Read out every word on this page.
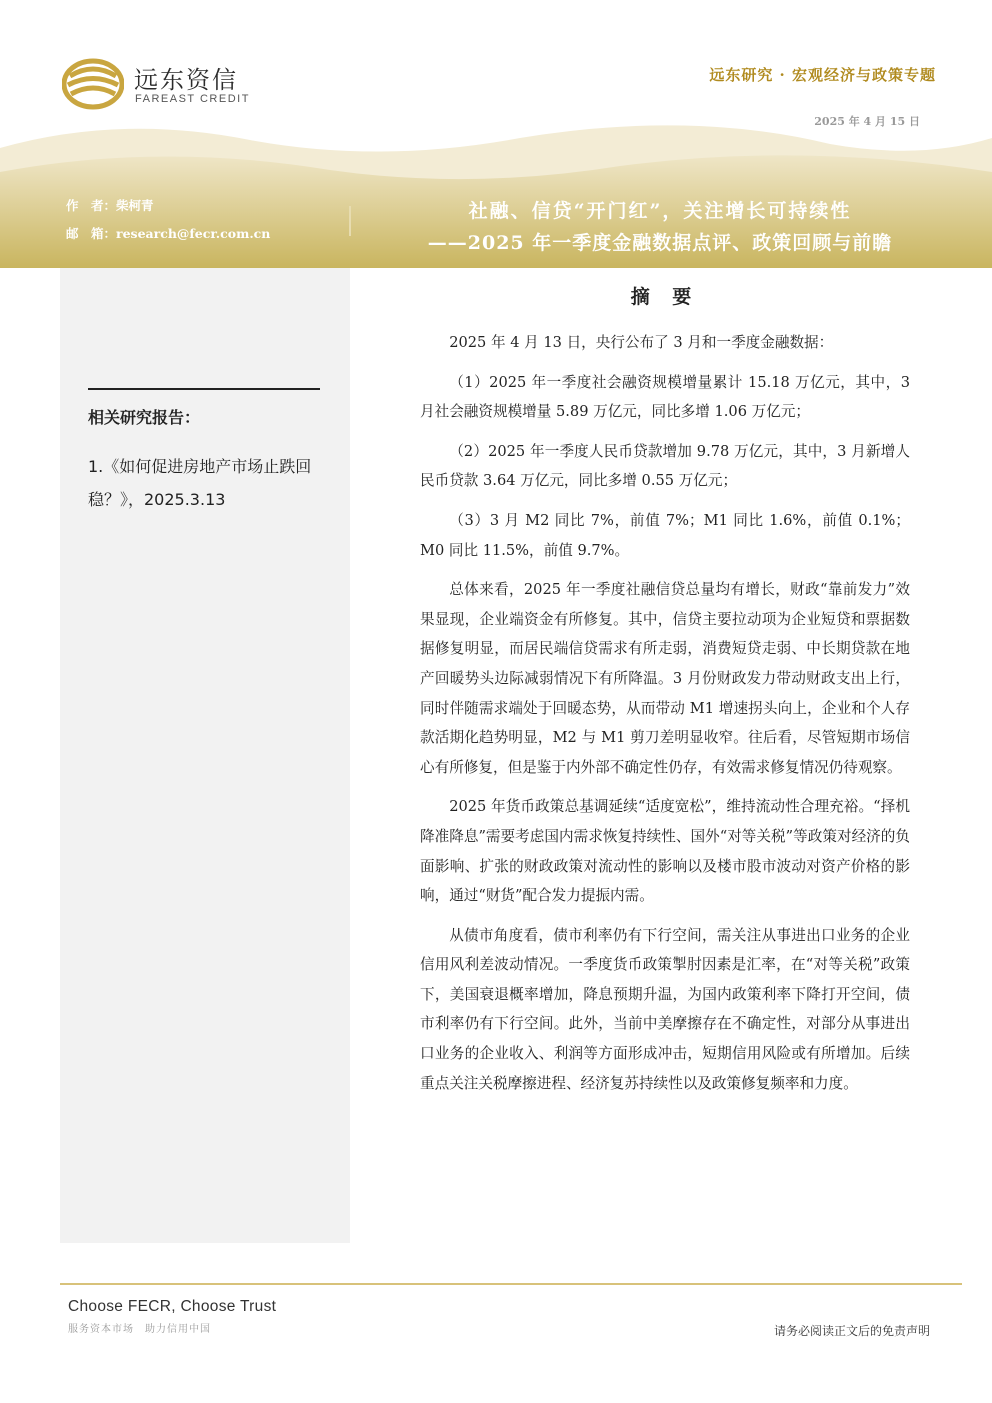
远东资信
FAREAST CREDIT
远东研究 · 宏观经济与政策专题
2025 年 4 月 15 日
作　者：柴柯青
邮　箱：research@fecr.com.cn
社融、信贷“开门红”，关注增长可持续性
——2025 年一季度金融数据点评、政策回顾与前瞻
相关研究报告：
1.《如何促进房地产市场止跌回稳？》，2025.3.13
摘 要

2025 年 4 月 13 日，央行公布了 3 月和一季度金融数据：

（1）2025 年一季度社会融资规模增量累计 15.18 万亿元，其中，3 月社会融资规模增量 5.89 万亿元，同比多增 1.06 万亿元；

（2）2025 年一季度人民币贷款增加 9.78 万亿元，其中，3 月新增人民币贷款 3.64 万亿元，同比多增 0.55 万亿元；

（3）3 月 M2 同比 7%，前值 7%；M1 同比 1.6%，前值 0.1%；M0 同比 11.5%，前值 9.7%。

总体来看，2025 年一季度社融信贷总量均有增长，财政“靠前发力”效果显现，企业端资金有所修复。其中，信贷主要拉动项为企业短贷和票据数据修复明显，而居民端信贷需求有所走弱，消费短贷走弱、中长期贷款在地产回暖势头边际减弱情况下有所降温。3 月份财政发力带动财政支出上行，同时伴随需求端处于回暖态势，从而带动 M1 增速拐头向上，企业和个人存款活期化趋势明显，M2 与 M1 剪刀差明显收窄。往后看，尽管短期市场信心有所修复，但是鉴于内外部不确定性仍存，有效需求修复情况仍待观察。

2025 年货币政策总基调延续“适度宽松”，维持流动性合理充裕。“择机降准降息”需要考虑国内需求恢复持续性、国外“对等关税”等政策对经济的负面影响、扩张的财政政策对流动性的影响以及楼市股市波动对资产价格的影响，通过“财货”配合发力提振内需。

从债市角度看，债市利率仍有下行空间，需关注从事进出口业务的企业信用风利差波动情况。一季度货币政策掣肘因素是汇率，在“对等关税”政策下，美国衰退概率增加，降息预期升温，为国内政策利率下降打开空间，债市利率仍有下行空间。此外，当前中美摩擦存在不确定性，对部分从事进出口业务的企业收入、利润等方面形成冲击，短期信用风险或有所增加。后续重点关注关税摩擦进程、经济复苏持续性以及政策修复频率和力度。

Choose FECR, Choose Trust
服务资本市场　助力信用中国	请务必阅读正文后的免责声明
